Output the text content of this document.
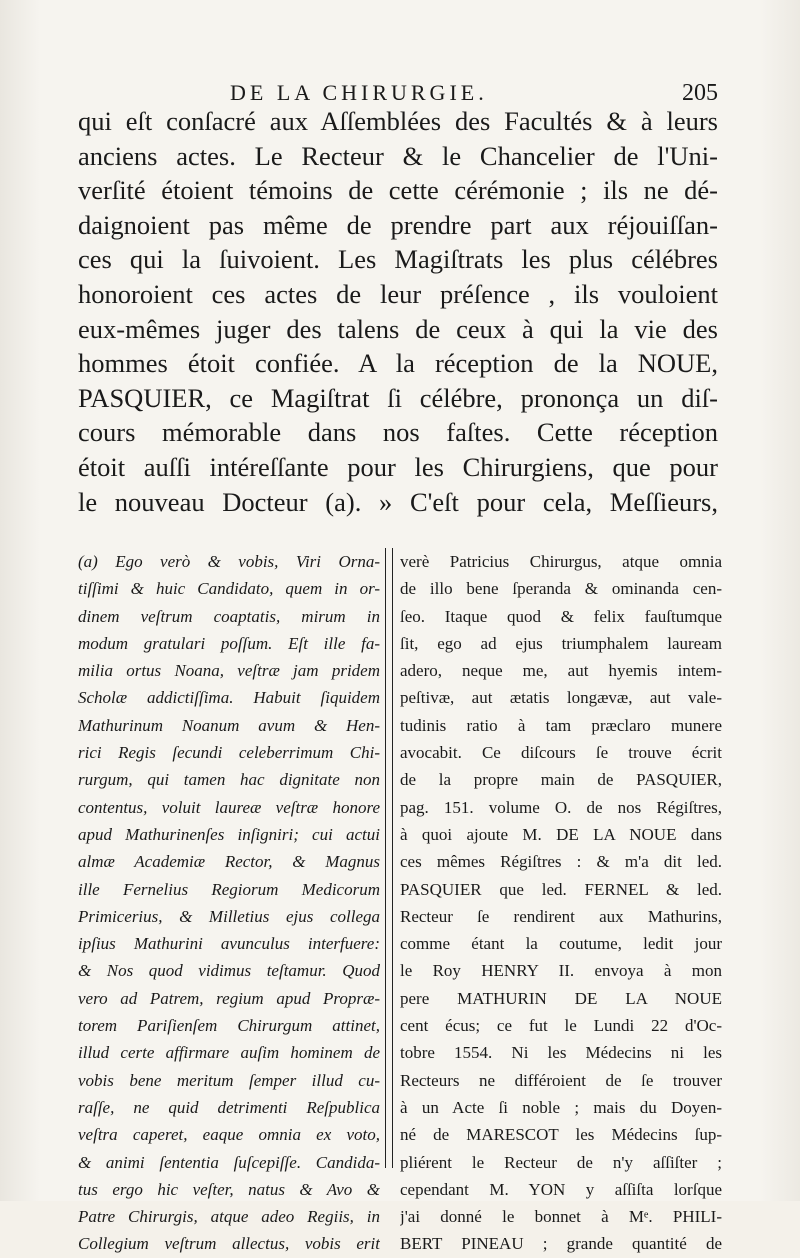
DE LA CHIRURGIE.	205
qui eſt conſacré aux Aſſemblées des Facultés & à leurs
anciens actes. Le Recteur & le Chancelier de l'Uni-
verſité étoient témoins de cette cérémonie ; ils ne dé-
daignoient pas même de prendre part aux réjouiſſan-
ces qui la ſuivoient. Les Magiſtrats les plus célébres
honoroient ces actes de leur préſence , ils vouloient
eux-mêmes juger des talens de ceux à qui la vie des
hommes étoit confiée. A la réception de la NOUE,
PASQUIER, ce Magiſtrat ſi célébre, prononça un diſ-
cours mémorable dans nos faſtes. Cette réception
étoit auſſi intéreſſante pour les Chirurgiens, que pour
le nouveau Docteur (a). » C'eſt pour cela, Meſſieurs,
(a) Ego verò & vobis, Viri Orna-
tiſſimi & huic Candidato, quem in or-
dinem veſtrum coaptatis, mirum in
modum gratulari poſſum. Eſt ille fa-
milia ortus Noana, veſtræ jam pridem
Scholæ addictiſſima. Habuit ſiquidem
Mathurinum Noanum avum & Hen-
rici Regis ſecundi celeberrimum Chi-
rurgum, qui tamen hac dignitate non
contentus, voluit laureæ veſtræ honore
apud Mathurinenſes inſigniri; cui actui
almæ Academiæ Rector, & Magnus
ille Fernelius Regiorum Medicorum
Primicerius, & Milletius ejus collega
ipſius Mathurini avunculus interfuere:
& Nos quod vidimus teſtamur. Quod
vero ad Patrem, regium apud Propræ-
torem Pariſienſem Chirurgum attinet,
illud certe affirmare auſim hominem de
vobis bene meritum ſemper illud cu-
raſſe, ne quid detrimenti Reſpublica
veſtra caperet, eaque omnia ex voto,
& animi ſententia ſuſcepiſſe. Candida-
tus ergo hic veſter, natus & Avo &
Patre Chirurgis, atque adeo Regiis, in
Collegium veſtrum allectus, vobis erit
verè Patricius Chirurgus, atque omnia
de illo bene ſperanda & ominanda cen-
ſeo. Itaque quod & felix fauſtumque
ſit, ego ad ejus triumphalem lauream
adero, neque me, aut hyemis intem-
peſtivæ, aut ætatis longævæ, aut vale-
tudinis ratio à tam præclaro munere
avocabit. Ce diſcours ſe trouve écrit
de la propre main de PASQUIER,
pag. 151. volume O. de nos Régiſtres,
à quoi ajoute M. DE LA NOUE dans
ces mêmes Régiſtres : & m'a dit led.
PASQUIER que led. FERNEL & led.
Recteur ſe rendirent aux Mathurins,
comme étant la coutume, ledit jour
le Roy HENRY II. envoya à mon
pere MATHURIN DE LA NOUE
cent écus; ce fut le Lundi 22 d'Oc-
tobre 1554. Ni les Médecins ni les
Recteurs ne différoient de ſe trouver
à un Acte ſi noble ; mais du Doyen-
né de MARESCOT les Médecins ſup-
pliérent le Recteur de n'y aſſiſter ;
cependant M. YON y aſſiſta lorſque
j'ai donné le bonnet à Mᵉ. PHILI-
BERT PINEAU ; grande quantité de
